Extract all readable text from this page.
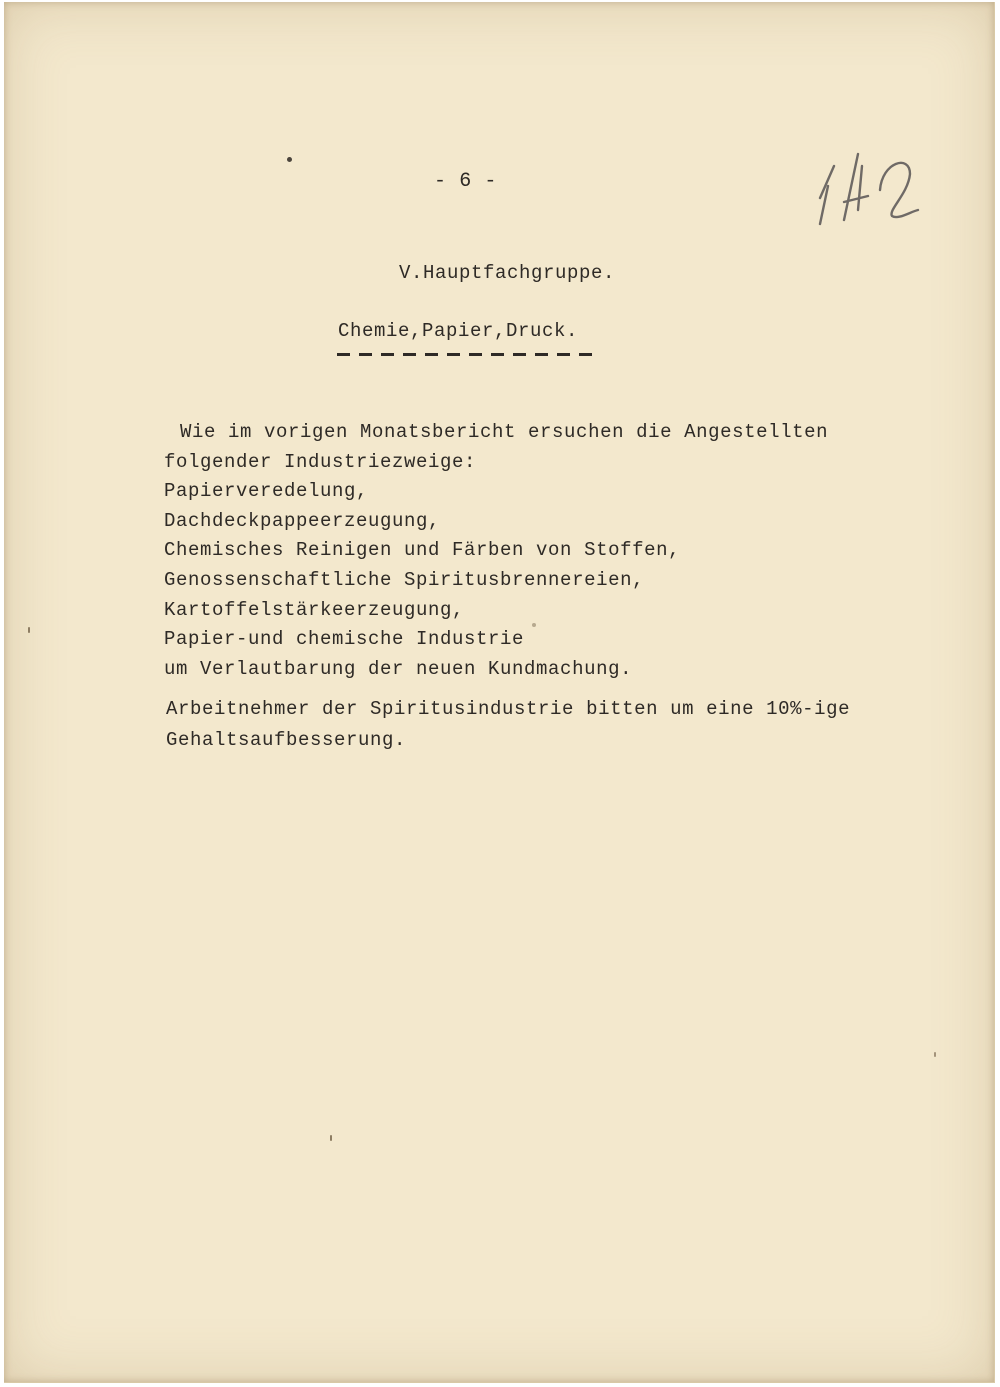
- 6 -

V.Hauptfachgruppe.

Chemie,Papier,Druck.

Wie im vorigen Monatsbericht ersuchen die Angestellten
folgender Industriezweige:
Papierveredelung,
Dachdeckpappeerzeugung,
Chemisches Reinigen und Färben von Stoffen,
Genossenschaftliche Spiritusbrennereien,
Kartoffelstärkeerzeugung,
Papier-und chemische Industrie
um Verlautbarung der neuen Kundmachung.
Arbeitnehmer der Spiritusindustrie bitten um eine 10%-ige
Gehaltsaufbesserung.
